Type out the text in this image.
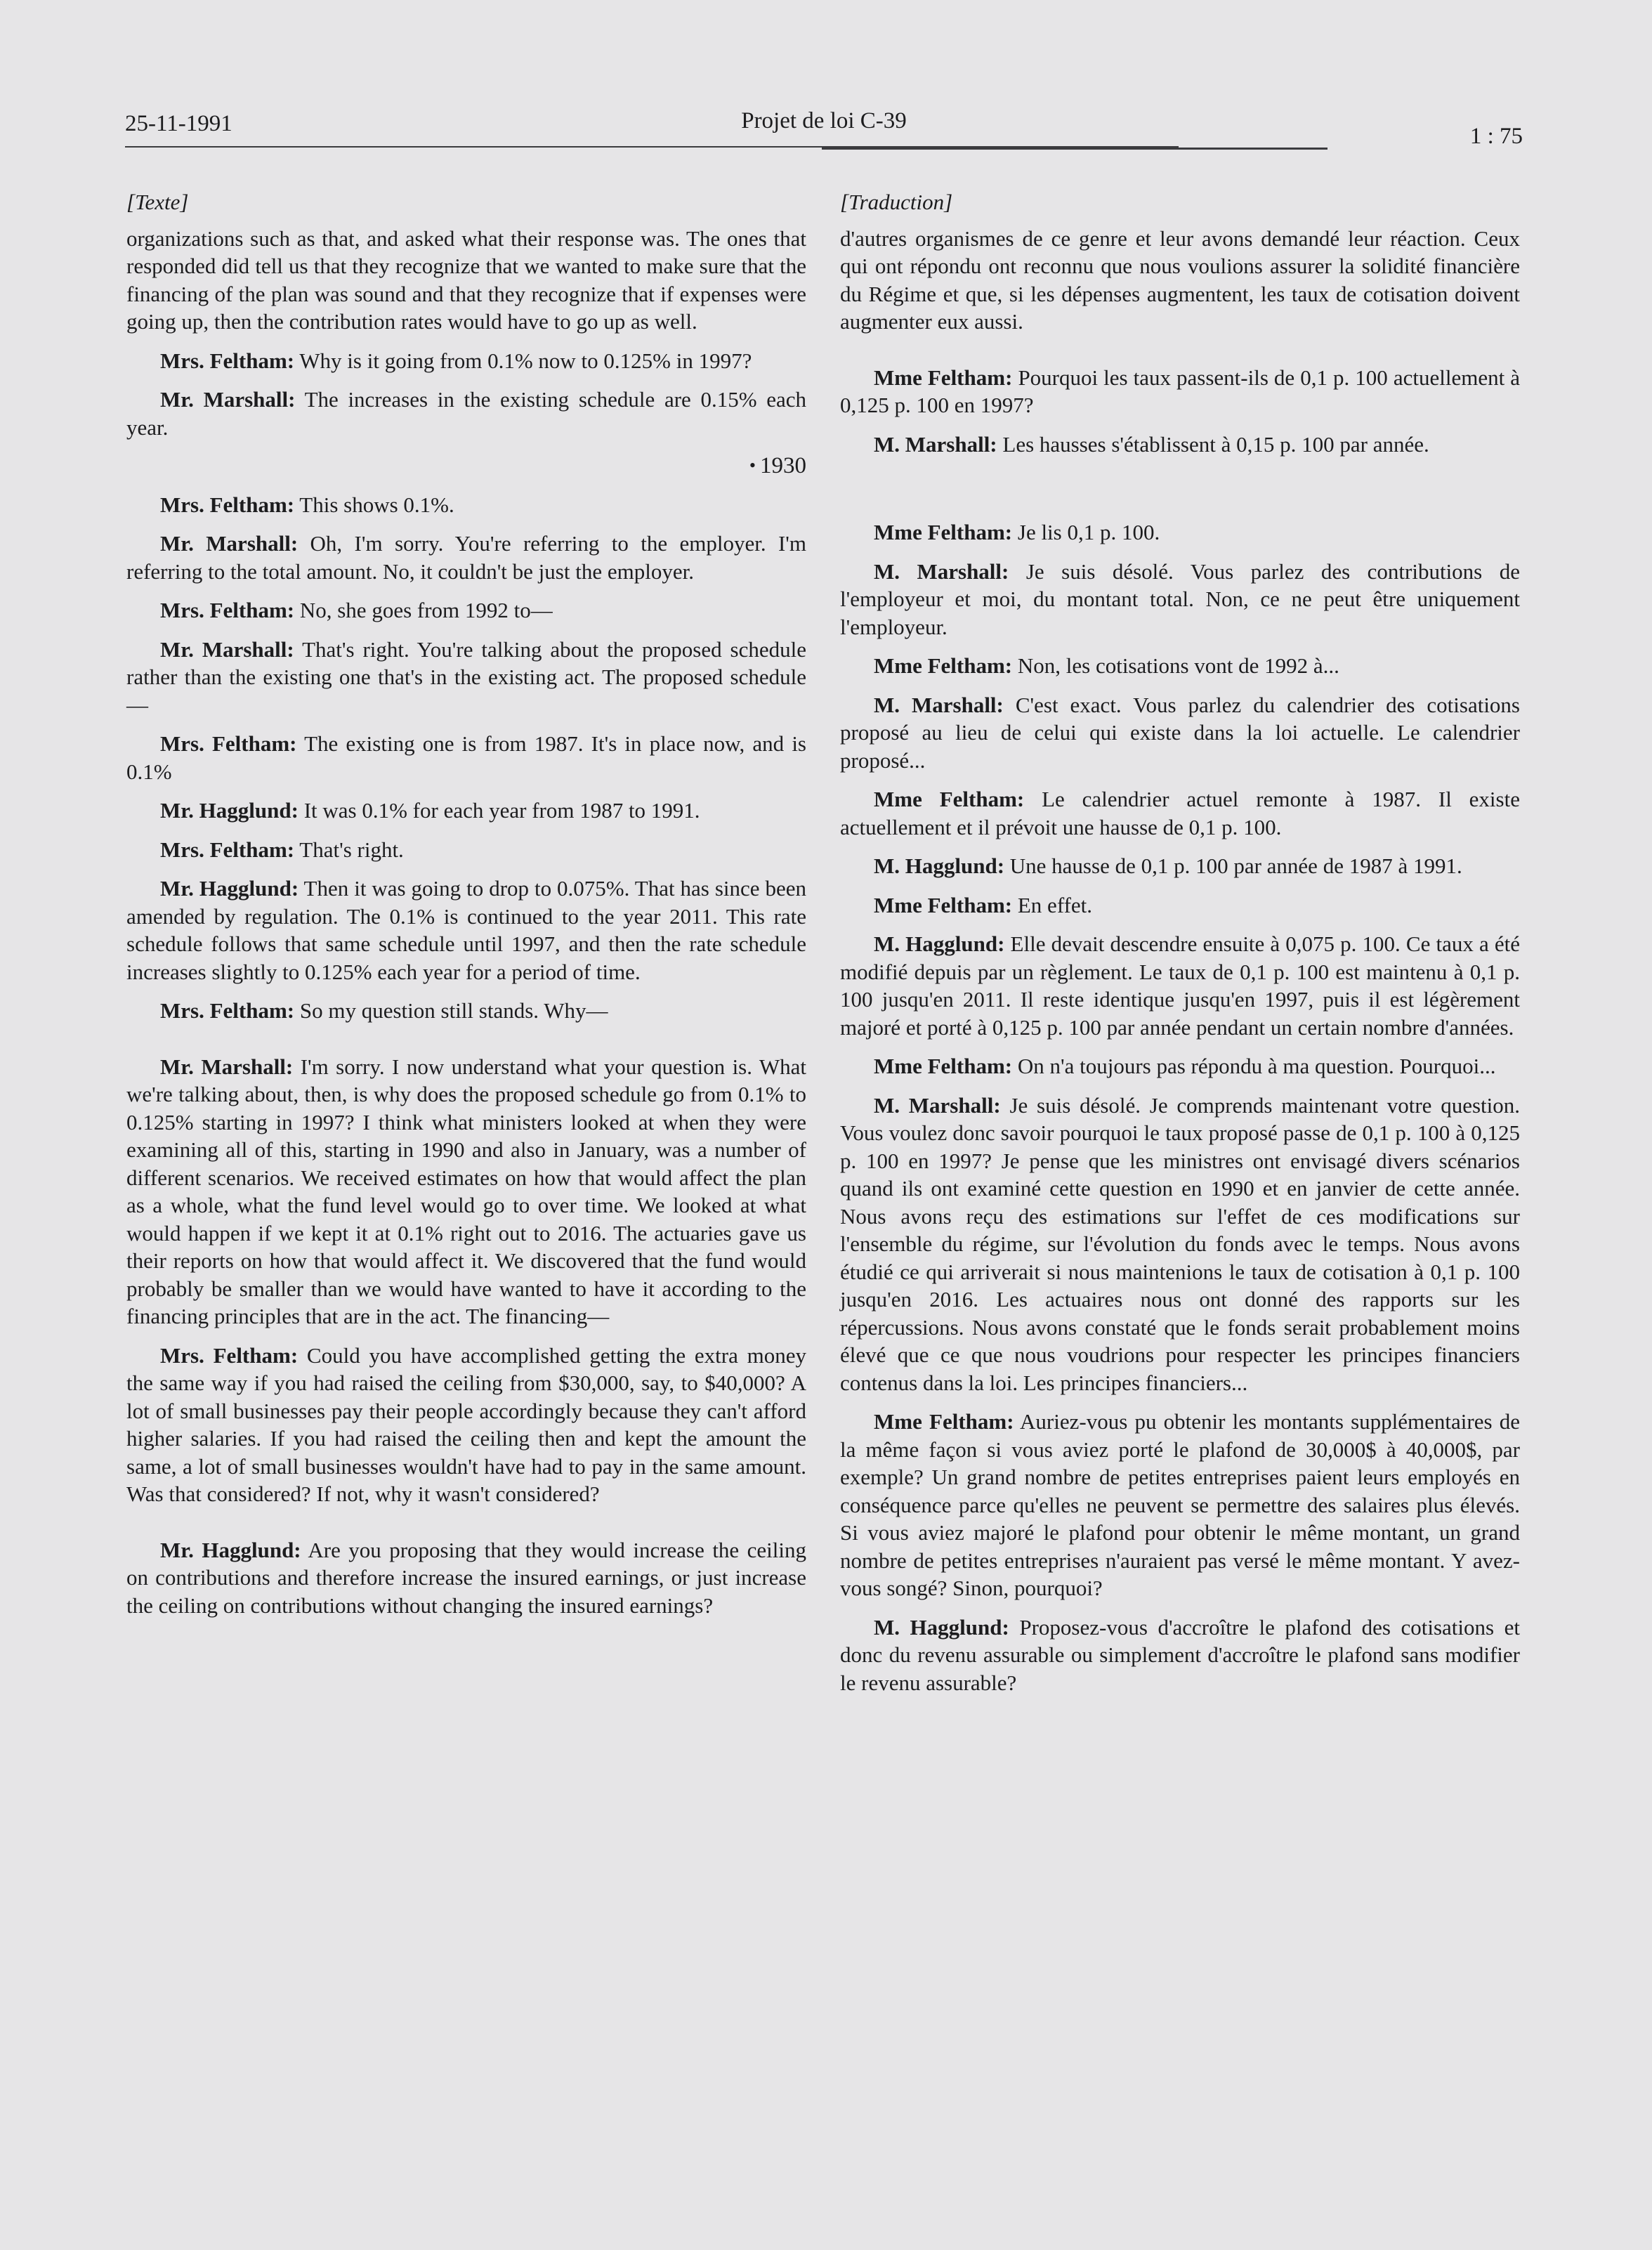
25-11-1991	Projet de loi C-39
1 : 75
[Texte]

organizations such as that, and asked what their response was. The ones that responded did tell us that they recognize that we wanted to make sure that the financing of the plan was sound and that they recognize that if expenses were going up, then the contribution rates would have to go up as well.

Mrs. Feltham: Why is it going from 0.1% now to 0.125% in 1997?

Mr. Marshall: The increases in the existing schedule are 0.15% each year.

• 1930

Mrs. Feltham: This shows 0.1%.

Mr. Marshall: Oh, I'm sorry. You're referring to the employer. I'm referring to the total amount. No, it couldn't be just the employer.

Mrs. Feltham: No, she goes from 1992 to—

Mr. Marshall: That's right. You're talking about the proposed schedule rather than the existing one that's in the existing act. The proposed schedule—

Mrs. Feltham: The existing one is from 1987. It's in place now, and is 0.1%

Mr. Hagglund: It was 0.1% for each year from 1987 to 1991.

Mrs. Feltham: That's right.

Mr. Hagglund: Then it was going to drop to 0.075%. That has since been amended by regulation. The 0.1% is continued to the year 2011. This rate schedule follows that same schedule until 1997, and then the rate schedule increases slightly to 0.125% each year for a period of time.

Mrs. Feltham: So my question still stands. Why—

Mr. Marshall: I'm sorry. I now understand what your question is. What we're talking about, then, is why does the proposed schedule go from 0.1% to 0.125% starting in 1997? I think what ministers looked at when they were examining all of this, starting in 1990 and also in January, was a number of different scenarios. We received estimates on how that would affect the plan as a whole, what the fund level would go to over time. We looked at what would happen if we kept it at 0.1% right out to 2016. The actuaries gave us their reports on how that would affect it. We discovered that the fund would probably be smaller than we would have wanted to have it according to the financing principles that are in the act. The financing—

Mrs. Feltham: Could you have accomplished getting the extra money the same way if you had raised the ceiling from $30,000, say, to $40,000? A lot of small businesses pay their people accordingly because they can't afford higher salaries. If you had raised the ceiling then and kept the amount the same, a lot of small businesses wouldn't have had to pay in the same amount. Was that considered? If not, why it wasn't considered?

Mr. Hagglund: Are you proposing that they would increase the ceiling on contributions and therefore increase the insured earnings, or just increase the ceiling on contributions without changing the insured earnings?

[Traduction]

d'autres organismes de ce genre et leur avons demandé leur réaction. Ceux qui ont répondu ont reconnu que nous voulions assurer la solidité financière du Régime et que, si les dépenses augmentent, les taux de cotisation doivent augmenter eux aussi.

Mme Feltham: Pourquoi les taux passent-ils de 0,1 p. 100 actuellement à 0,125 p. 100 en 1997?

M. Marshall: Les hausses s'établissent à 0,15 p. 100 par année.

Mme Feltham: Je lis 0,1 p. 100.

M. Marshall: Je suis désolé. Vous parlez des contributions de l'employeur et moi, du montant total. Non, ce ne peut être uniquement l'employeur.

Mme Feltham: Non, les cotisations vont de 1992 à...

M. Marshall: C'est exact. Vous parlez du calendrier des cotisations proposé au lieu de celui qui existe dans la loi actuelle. Le calendrier proposé...

Mme Feltham: Le calendrier actuel remonte à 1987. Il existe actuellement et il prévoit une hausse de 0,1 p. 100.

M. Hagglund: Une hausse de 0,1 p. 100 par année de 1987 à 1991.

Mme Feltham: En effet.

M. Hagglund: Elle devait descendre ensuite à 0,075 p. 100. Ce taux a été modifié depuis par un règlement. Le taux de 0,1 p. 100 est maintenu à 0,1 p. 100 jusqu'en 2011. Il reste identique jusqu'en 1997, puis il est légèrement majoré et porté à 0,125 p. 100 par année pendant un certain nombre d'années.

Mme Feltham: On n'a toujours pas répondu à ma question. Pourquoi...

M. Marshall: Je suis désolé. Je comprends maintenant votre question. Vous voulez donc savoir pourquoi le taux proposé passe de 0,1 p. 100 à 0,125 p. 100 en 1997? Je pense que les ministres ont envisagé divers scénarios quand ils ont examiné cette question en 1990 et en janvier de cette année. Nous avons reçu des estimations sur l'effet de ces modifications sur l'ensemble du régime, sur l'évolution du fonds avec le temps. Nous avons étudié ce qui arriverait si nous maintenions le taux de cotisation à 0,1 p. 100 jusqu'en 2016. Les actuaires nous ont donné des rapports sur les répercussions. Nous avons constaté que le fonds serait probablement moins élevé que ce que nous voudrions pour respecter les principes financiers contenus dans la loi. Les principes financiers...

Mme Feltham: Auriez-vous pu obtenir les montants supplémentaires de la même façon si vous aviez porté le plafond de 30,000$ à 40,000$, par exemple? Un grand nombre de petites entreprises paient leurs employés en conséquence parce qu'elles ne peuvent se permettre des salaires plus élevés. Si vous aviez majoré le plafond pour obtenir le même montant, un grand nombre de petites entreprises n'auraient pas versé le même montant. Y avez-vous songé? Sinon, pourquoi?

M. Hagglund: Proposez-vous d'accroître le plafond des cotisations et donc du revenu assurable ou simplement d'accroître le plafond sans modifier le revenu assurable?
